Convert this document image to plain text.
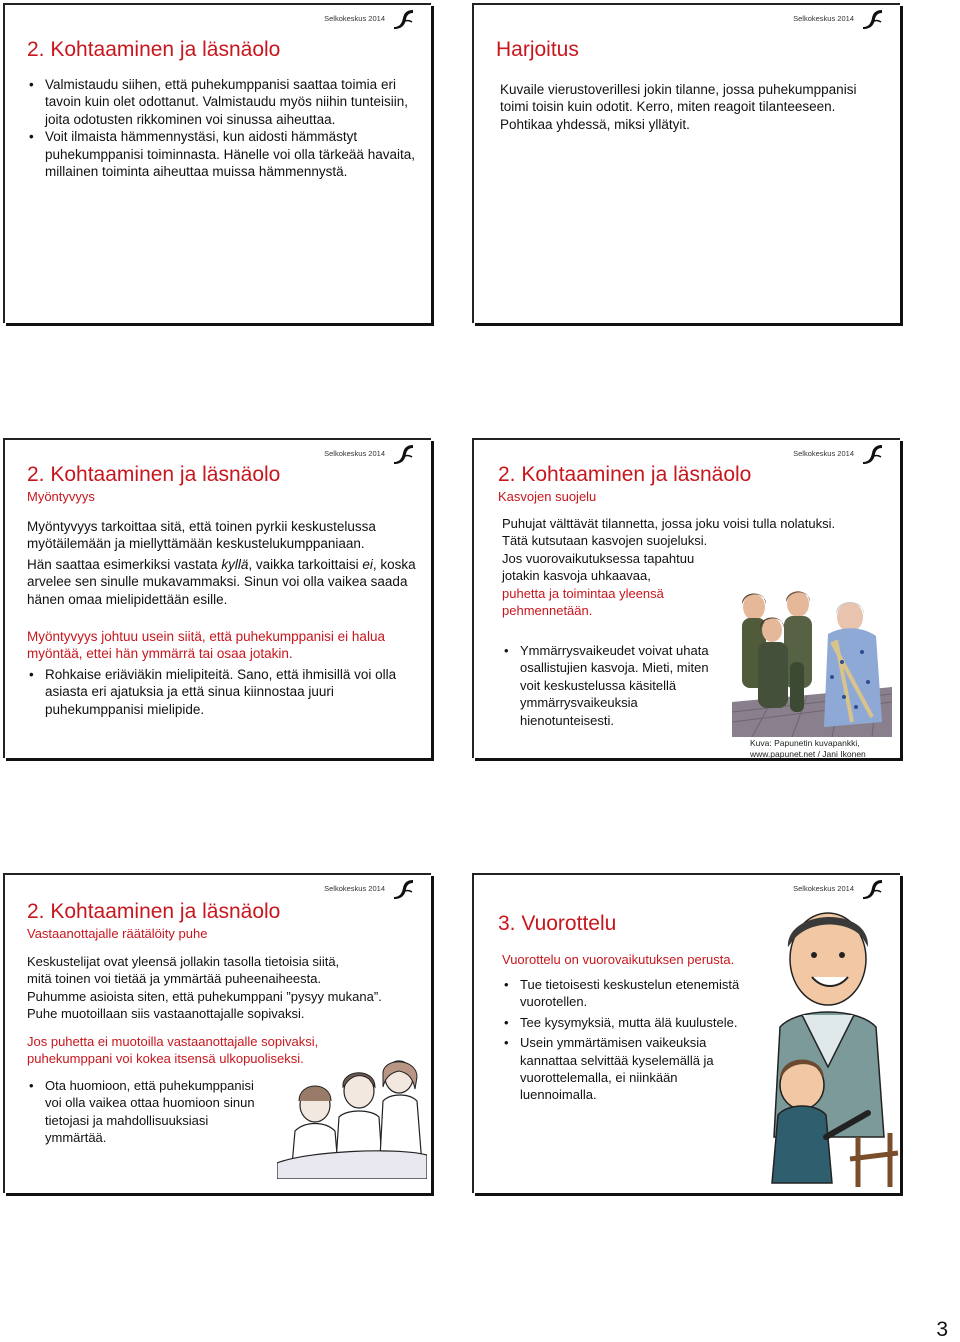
Selkokeskus 2014
2. Kohtaaminen ja läsnäolo
• Valmistaudu siihen, että puhekumppanisi saattaa toimia eri tavoin kuin olet odottanut. Valmistaudu myös niihin tunteisiin, joita odotusten rikkominen voi sinussa aiheuttaa.
• Voit ilmaista hämmennystäsi, kun aidosti hämmästyt puhekumppanisi toiminnasta. Hänelle voi olla tärkeää havaita, millainen toiminta aiheuttaa muissa hämmennystä.
Selkokeskus 2014
Harjoitus

Kuvaile vierustoverillesi jokin tilanne, jossa puhekumppanisi toimi toisin kuin odotit. Kerro, miten reagoit tilanteeseen. Pohtikaa yhdessä, miksi yllätyit.

Selkokeskus 2014
2. Kohtaaminen ja läsnäolo
Myöntyvyys

Myöntyvyys tarkoittaa sitä, että toinen pyrkii keskustelussa myötäilemään ja miellyttämään keskustelukumppaniaan.

Hän saattaa esimerkiksi vastata kyllä, vaikka tarkoittaisi ei, koska arvelee sen sinulle mukavammaksi. Sinun voi olla vaikea saada hänen omaa mielipidettään esille.

Myöntyvyys johtuu usein siitä, että puhekumppanisi ei halua myöntää, ettei hän ymmärrä tai osaa jotakin.

• Rohkaise eriäviäkin mielipiteitä. Sano, että ihmisillä voi olla asiasta eri ajatuksia ja että sinua kiinnostaa juuri puhekumppanisi mielipide.
Selkokeskus 2014
2. Kohtaaminen ja läsnäolo
Kasvojen suojelu
Puhujat välttävät tilannetta, jossa joku voisi tulla nolatuksi.
Tätä kutsutaan kasvojen suojeluksi.
Jos vuorovaikutuksessa tapahtuu
jotakin kasvoja uhkaavaa,
puhetta ja toimintaa yleensä
pehmennetään.
• Ymmärrysvaikeudet voivat uhata osallistujien kasvoja. Mieti, miten voit keskustelussa käsitellä ymmärrysvaikeuksia hienotunteisesti.
Kuva: Papunetin kuvapankki,
www.papunet.net / Jani Ikonen
Selkokeskus 2014
2. Kohtaaminen ja läsnäolo
Vastaanottajalle räätälöity puhe
Keskustelijat ovat yleensä jollakin tasolla tietoisia siitä,
mitä toinen voi tietää ja ymmärtää puheenaiheesta.
Puhumme asioista siten, että puhekumppani ”pysyy mukana”.
Puhe muotoillaan siis vastaanottajalle sopivaksi.

Jos puhetta ei muotoilla vastaanottajalle sopivaksi, puhekumppani voi kokea itsensä ulkopuoliseksi.

• Ota huomioon, että puhekumppanisi voi olla vaikea ottaa huomioon sinun tietojasi ja mahdollisuuksiasi ymmärtää.
Selkokeskus 2014
3. Vuorottelu

Vuorottelu on vuorovaikutuksen perusta.

• Tue tietoisesti keskustelun etenemistä vuorotellen.
• Tee kysymyksiä, mutta älä kuulustele.
• Usein ymmärtämisen vaikeuksia kannattaa selvittää kyselemällä ja vuorottelemalla, ei niinkään luennoimalla.
3
